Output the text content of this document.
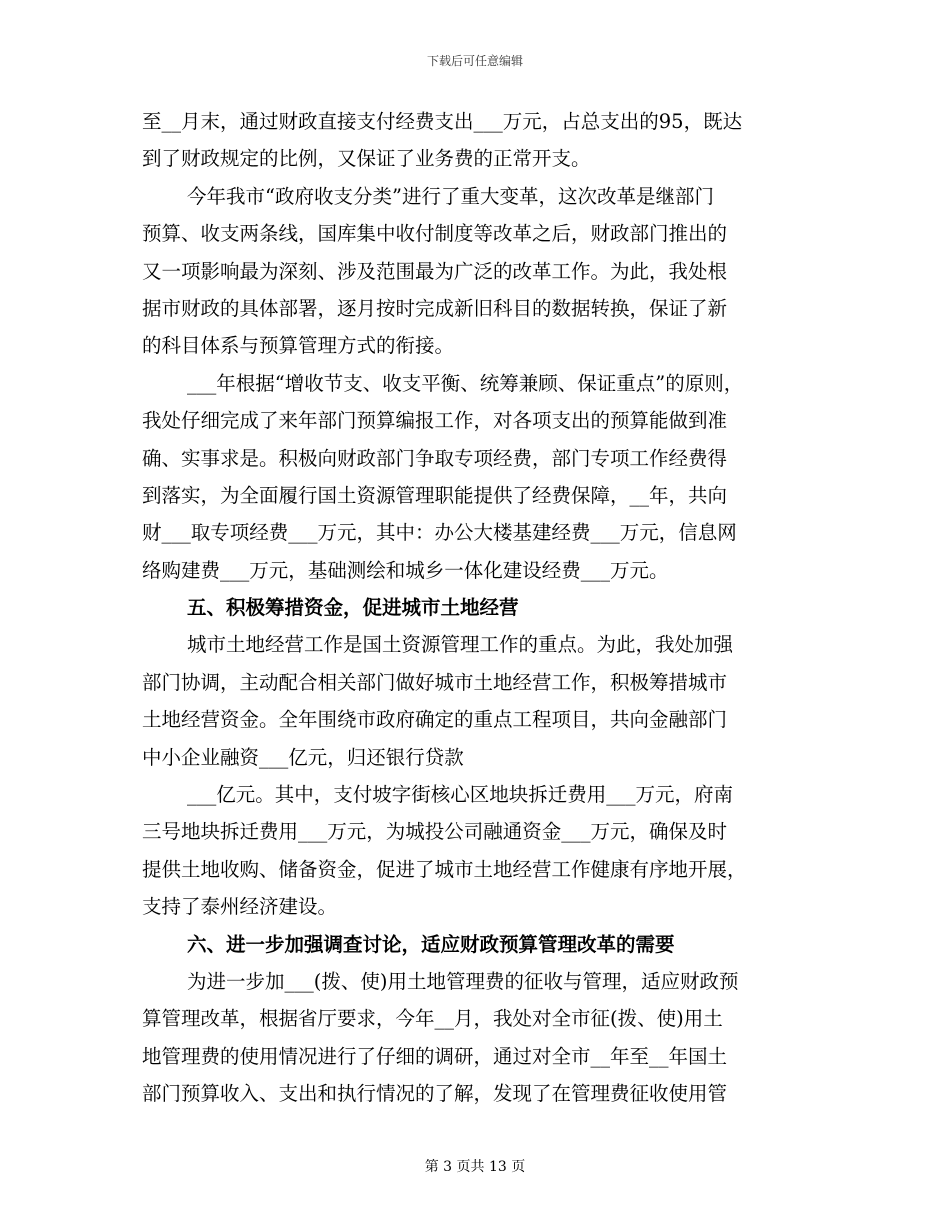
下载后可任意编辑
至__月末，通过财政直接支付经费支出___万元，占总支出的95，既达
到了财政规定的比例，又保证了业务费的正常开支。
今年我市“政府收支分类”进行了重大变革，这次改革是继部门
预算、收支两条线，国库集中收付制度等改革之后，财政部门推出的
又一项影响最为深刻、涉及范围最为广泛的改革工作。为此，我处根
据市财政的具体部署，逐月按时完成新旧科目的数据转换，保证了新
的科目体系与预算管理方式的衔接。
___年根据“增收节支、收支平衡、统筹兼顾、保证重点”的原则，
我处仔细完成了来年部门预算编报工作，对各项支出的预算能做到准
确、实事求是。积极向财政部门争取专项经费，部门专项工作经费得
到落实，为全面履行国土资源管理职能提供了经费保障，__年，共向
财___取专项经费___万元，其中：办公大楼基建经费___万元，信息网
络购建费___万元，基础测绘和城乡一体化建设经费___万元。
五、积极筹措资金，促进城市土地经营
城市土地经营工作是国土资源管理工作的重点。为此，我处加强
部门协调，主动配合相关部门做好城市土地经营工作，积极筹措城市
土地经营资金。全年围绕市政府确定的重点工程项目，共向金融部门
中小企业融资___亿元，归还银行贷款
___亿元。其中，支付坡字街核心区地块拆迁费用___万元，府南
三号地块拆迁费用___万元，为城投公司融通资金___万元，确保及时
提供土地收购、储备资金，促进了城市土地经营工作健康有序地开展，
支持了泰州经济建设。
六、进一步加强调查讨论，适应财政预算管理改革的需要
为进一步加___(拨、使)用土地管理费的征收与管理，适应财政预
算管理改革，根据省厅要求，今年__月，我处对全市征(拨、使)用土
地管理费的使用情况进行了仔细的调研，通过对全市__年至__年国土
部门预算收入、支出和执行情况的了解，发现了在管理费征收使用管
第 3 页共 13 页
